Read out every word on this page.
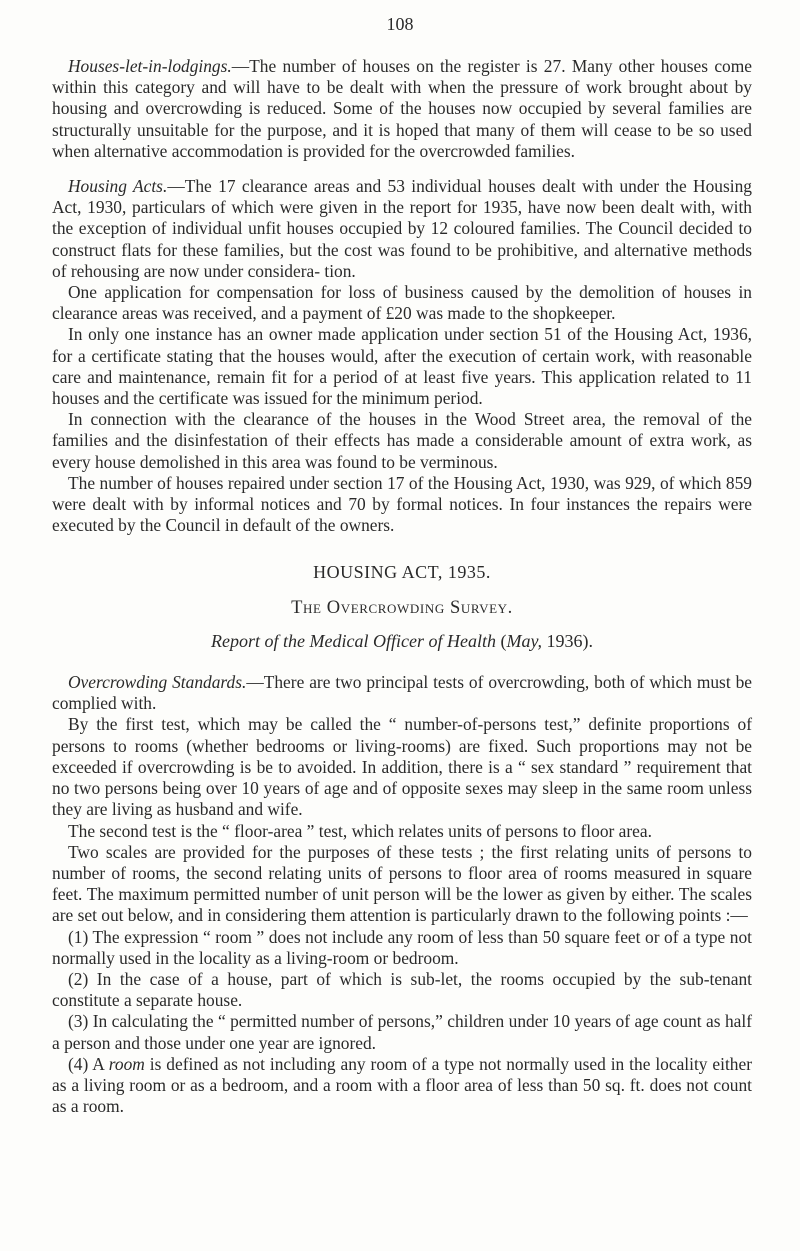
108

Houses-let-in-lodgings.—The number of houses on the register is 27. Many other houses come within this category and will have to be dealt with when the pressure of work brought about by housing and overcrowding is reduced. Some of the houses now occupied by several families are structurally unsuitable for the purpose, and it is hoped that many of them will cease to be so used when alternative accommodation is provided for the overcrowded families.

Housing Acts.—The 17 clearance areas and 53 individual houses dealt with under the Housing Act, 1930, particulars of which were given in the report for 1935, have now been dealt with, with the exception of individual unfit houses occupied by 12 coloured families. The Council decided to construct flats for these families, but the cost was found to be prohibitive, and alternative methods of rehousing are now under considera- tion.

One application for compensation for loss of business caused by the demolition of houses in clearance areas was received, and a payment of £20 was made to the shopkeeper.

In only one instance has an owner made application under section 51 of the Housing Act, 1936, for a certificate stating that the houses would, after the execution of certain work, with reasonable care and maintenance, remain fit for a period of at least five years. This application related to 11 houses and the certificate was issued for the minimum period.

In connection with the clearance of the houses in the Wood Street area, the removal of the families and the disinfestation of their effects has made a considerable amount of extra work, as every house demolished in this area was found to be verminous.

The number of houses repaired under section 17 of the Housing Act, 1930, was 929, of which 859 were dealt with by informal notices and 70 by formal notices. In four instances the repairs were executed by the Council in default of the owners.

HOUSING ACT, 1935.
The Overcrowding Survey.
Report of the Medical Officer of Health (May, 1936).

Overcrowding Standards.—There are two principal tests of overcrowding, both of which must be complied with.

By the first test, which may be called the “ number-of-persons test,” definite proportions of persons to rooms (whether bedrooms or living-rooms) are fixed. Such proportions may not be exceeded if overcrowding is be to avoided. In addition, there is a “ sex standard ” requirement that no two persons being over 10 years of age and of opposite sexes may sleep in the same room unless they are living as husband and wife.

The second test is the “ floor-area ” test, which relates units of persons to floor area.

Two scales are provided for the purposes of these tests ; the first relating units of persons to number of rooms, the second relating units of persons to floor area of rooms measured in square feet. The maximum permitted number of unit person will be the lower as given by either. The scales are set out below, and in considering them attention is particularly drawn to the following points :—

(1) The expression “ room ” does not include any room of less than 50 square feet or of a type not normally used in the locality as a living-room or bedroom.

(2) In the case of a house, part of which is sub-let, the rooms occupied by the sub-tenant constitute a separate house.

(3) In calculating the “ permitted number of persons,” children under 10 years of age count as half a person and those under one year are ignored.

(4) A room is defined as not including any room of a type not normally used in the locality either as a living room or as a bedroom, and a room with a floor area of less than 50 sq. ft. does not count as a room.
